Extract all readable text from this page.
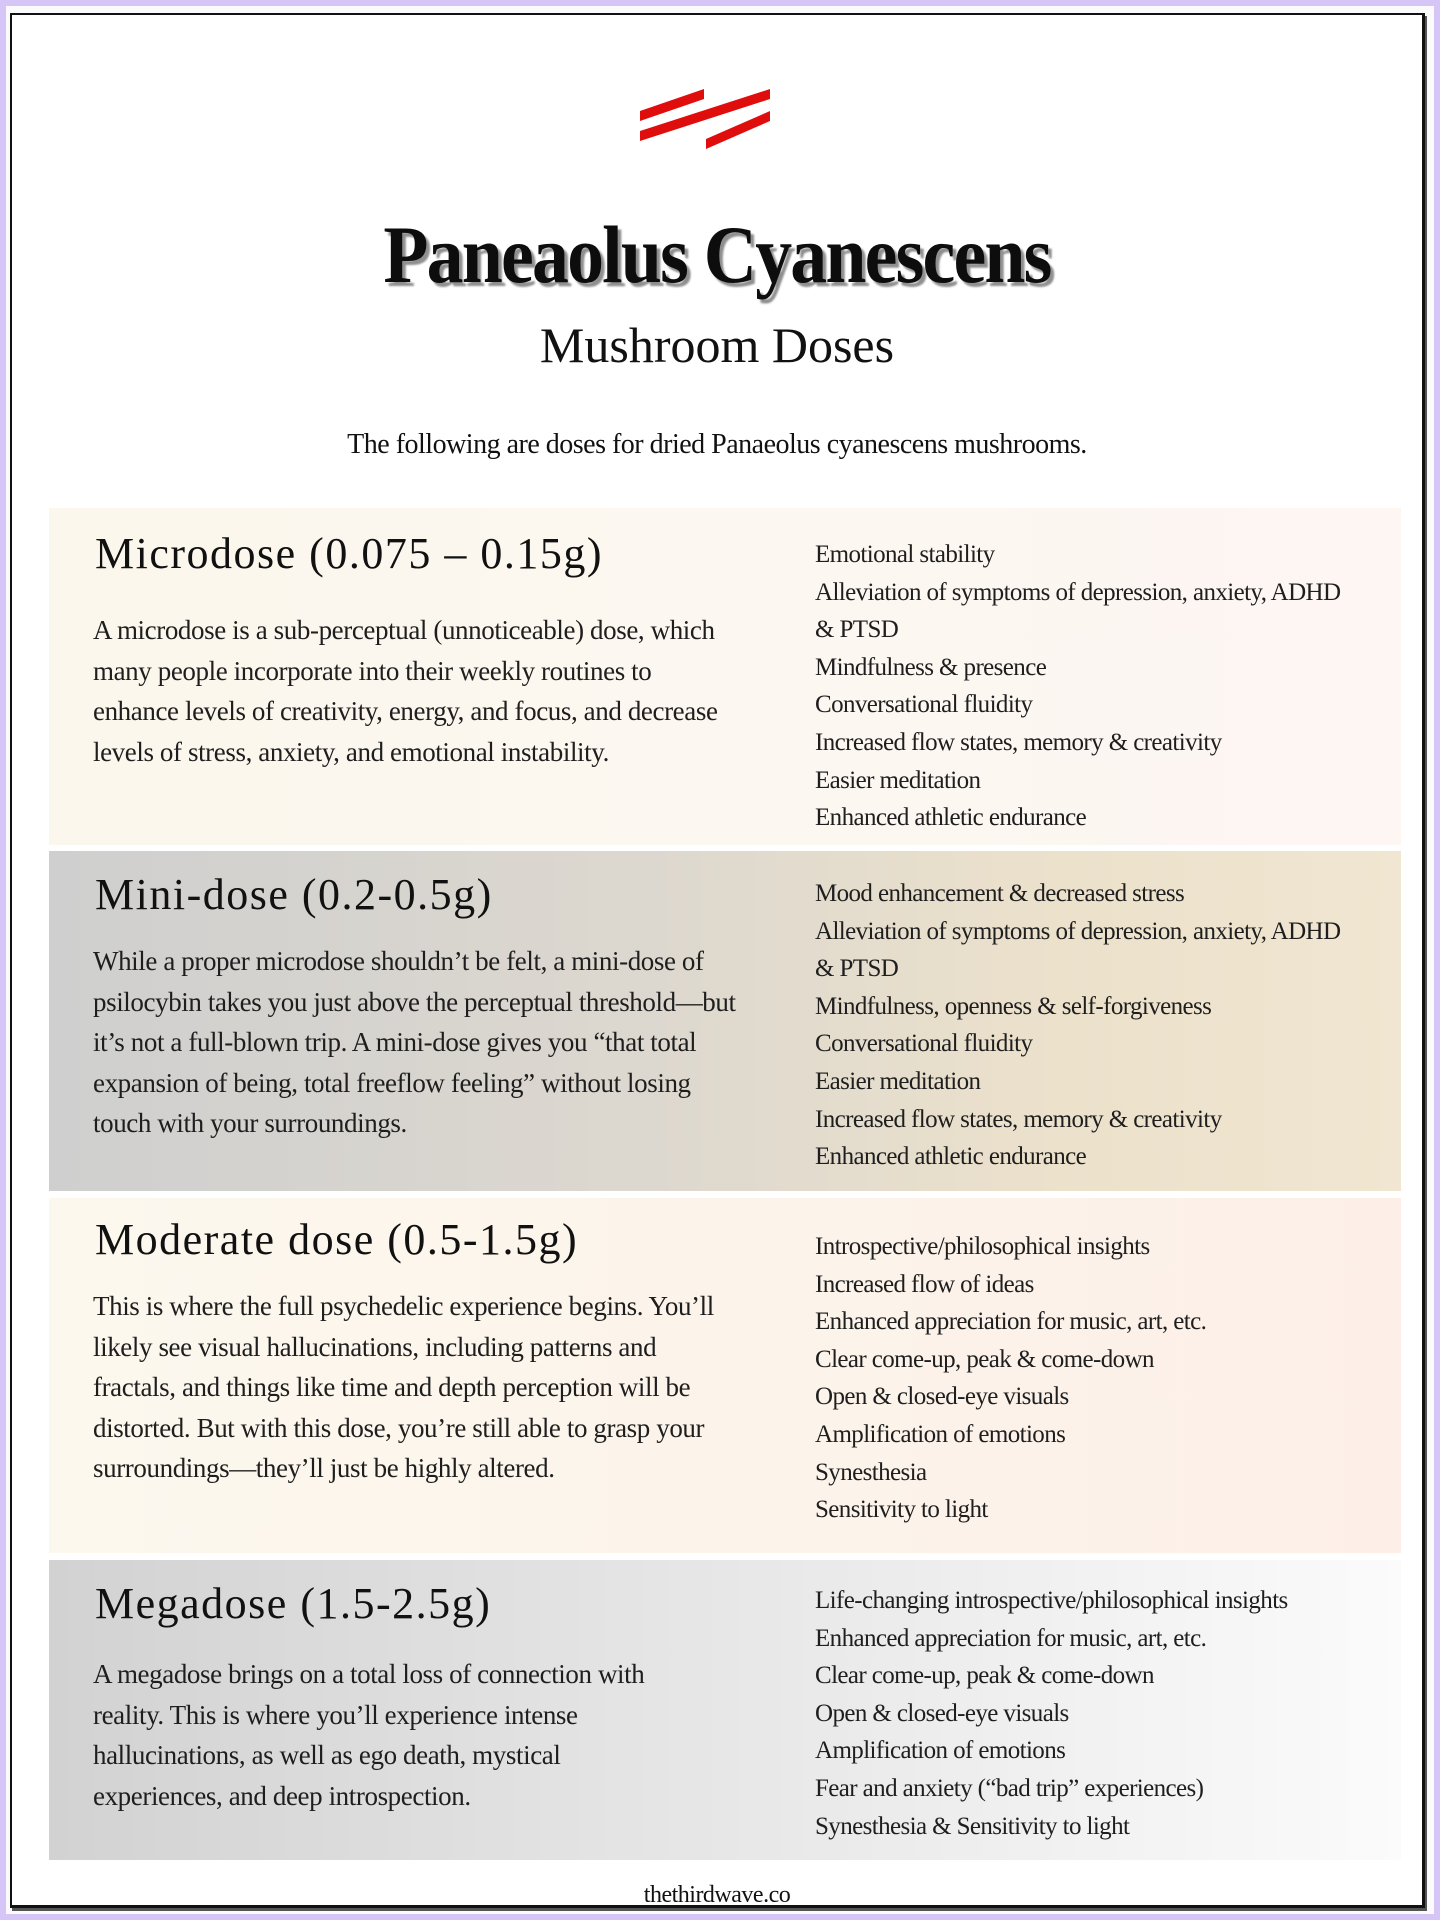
Paneaolus Cyanescens
Mushroom Doses
The following are doses for dried Panaeolus cyanescens mushrooms.
Microdose (0.075 – 0.15g)
A microdose is a sub-perceptual (unnoticeable) dose, which many people incorporate into their weekly routines to enhance levels of creativity, energy, and focus, and decrease levels of stress, anxiety, and emotional instability.
Emotional stability
Alleviation of symptoms of depression, anxiety, ADHD
& PTSD
Mindfulness & presence
Conversational fluidity
Increased flow states, memory & creativity
Easier meditation
Enhanced athletic endurance
Mini-dose (0.2-0.5g)
While a proper microdose shouldn’t be felt, a mini-dose of psilocybin takes you just above the perceptual threshold—but it’s not a full-blown trip. A mini-dose gives you “that total expansion of being, total freeflow feeling” without losing touch with your surroundings.
Mood enhancement & decreased stress
Alleviation of symptoms of depression, anxiety, ADHD
& PTSD
Mindfulness, openness & self-forgiveness
Conversational fluidity
Easier meditation
Increased flow states, memory & creativity
Enhanced athletic endurance
Moderate dose (0.5-1.5g)
This is where the full psychedelic experience begins. You’ll likely see visual hallucinations, including patterns and fractals, and things like time and depth perception will be distorted. But with this dose, you’re still able to grasp your surroundings—they’ll just be highly altered.
Introspective/philosophical insights
Increased flow of ideas
Enhanced appreciation for music, art, etc.
Clear come-up, peak & come-down
Open & closed-eye visuals
Amplification of emotions
Synesthesia
Sensitivity to light
Megadose (1.5-2.5g)
A megadose brings on a total loss of connection with reality. This is where you’ll experience intense hallucinations, as well as ego death, mystical experiences, and deep introspection.
Life-changing introspective/philosophical insights
Enhanced appreciation for music, art, etc.
Clear come-up, peak & come-down
Open & closed-eye visuals
Amplification of emotions
Fear and anxiety (“bad trip” experiences)
Synesthesia & Sensitivity to light
thethirdwave.co
